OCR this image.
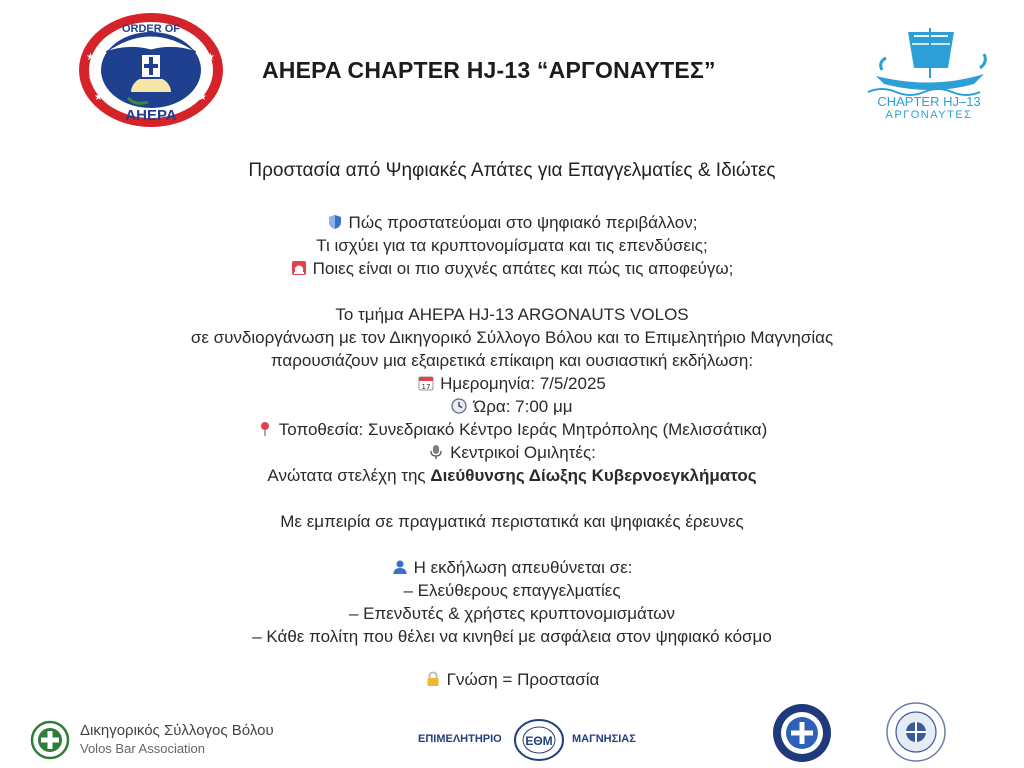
★
★
★
★
★
★
ORDER OF
AHEPA
AHEPA CHAPTER HJ-13 “ΑΡΓΟΝΑΥΤΕΣ”
CHAPTER HJ–13
ΑΡΓΟΝΑΥΤΕΣ
Προστασία από Ψηφιακές Απάτες για Επαγγελματίες & Ιδιώτες
Πώς προστατεύομαι στο ψηφιακό περιβάλλον;
Τι ισχύει για τα κρυπτονομίσματα και τις επενδύσεις;
Ποιες είναι οι πιο συχνές απάτες και πώς τις αποφεύγω;
Το τμήμα AHEPA HJ-13 ARGONAUTS VOLOS
σε συνδιοργάνωση με τον Δικηγορικό Σύλλογο Βόλου και το Επιμελητήριο Μαγνησίας
παρουσιάζουν μια εξαιρετικά επίκαιρη και ουσιαστική εκδήλωση:
17 Ημερομηνία: 7/5/2025
Ώρα: 7:00 μμ
Τοποθεσία: Συνεδριακό Κέντρο Ιεράς Μητρόπολης (Μελισσάτικα)
Κεντρικοί Ομιλητές:
Ανώτατα στελέχη της Διεύθυνσης Δίωξης Κυβερνοεγκλήματος
Με εμπειρία σε πραγματικά περιστατικά και ψηφιακές έρευνες
Η εκδήλωση απευθύνεται σε:
– Ελεύθερους επαγγελματίες
– Επενδυτές & χρήστες κρυπτονομισμάτων
– Κάθε πολίτη που θέλει να κινηθεί με ασφάλεια στον ψηφιακό κόσμο
Γνώση = Προστασία
Δικηγορικός Σύλλογος Βόλου
Volos Bar Association
ΕΠΙΜΕΛΗΤΗΡΙΟ ΕΘΜ ΜΑΓΝΗΣΙΑΣ
